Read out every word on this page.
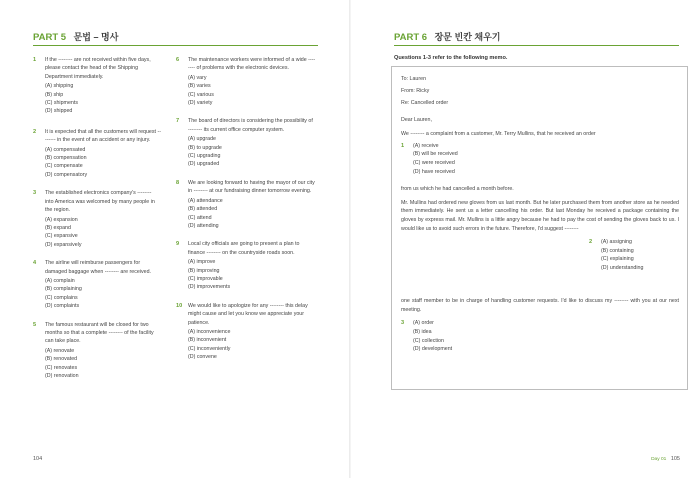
PART 5 문법 – 명사
1 If the -------- are not received within five days, please contact the head of the Shipping Department immediately.
(A) shipping
(B) ship
(C) shipments
(D) shipped
2 It is expected that all the customers will request -------- in the event of an accident or any injury.
(A) compensated
(B) compensation
(C) compensate
(D) compensatory
3 The established electronics company's -------- into America was welcomed by many people in the region.
(A) expansion
(B) expand
(C) expansive
(D) expansively
4 The airline will reimburse passengers for damaged baggage when -------- are received.
(A) complain
(B) complaining
(C) complains
(D) complaints
5 The famous restaurant will be closed for two months so that a complete -------- of the facility can take place.
(A) renovate
(B) renovated
(C) renovates
(D) renovation
6 The maintenance workers were informed of a wide -------- of problems with the electronic devices.
(A) vary
(B) varies
(C) various
(D) variety
7 The board of directors is considering the possibility of -------- its current office computer system.
(A) upgrade
(B) to upgrade
(C) upgrading
(D) upgraded
8 We are looking forward to having the mayor of our city in -------- at our fundraising dinner tomorrow evening.
(A) attendance
(B) attended
(C) attend
(D) attending
9 Local city officials are going to present a plan to finance -------- on the countryside roads soon.
(A) improve
(B) improving
(C) improvable
(D) improvements
10 We would like to apologize for any -------- this delay might cause and let you know we appreciate your patience.
(A) inconvenience
(B) inconvenient
(C) inconveniently
(D) convene
104
PART 6 장문 빈칸 채우기
Questions 1-3 refer to the following memo.
Day 01 105
To: Lauren
From: Ricky
Re: Cancelled order
Dear Lauren,
We -------- a complaint from a customer, Mr. Terry Mullins, that he received an order
1 (A) receive
(B) will be received
(C) were received
(D) have received
from us which he had cancelled a month before.
Mr. Mullins had ordered new gloves from us last month. But he later purchased them from another store as he needed them immediately. He sent us a letter cancelling his order. But last Monday he received a package containing the gloves by express mail. Mr. Mullins is a little angry because he had to pay the cost of sending the gloves back to us. I would like us to avoid such errors in the future. Therefore, I'd suggest --------
2 (A) assigning
(B) containing
(C) explaining
(D) understanding
one staff member to be in charge of handling customer requests. I'd like to discuss my -------- with you at our next meeting.
3 (A) order
(B) idea
(C) collection
(D) development
